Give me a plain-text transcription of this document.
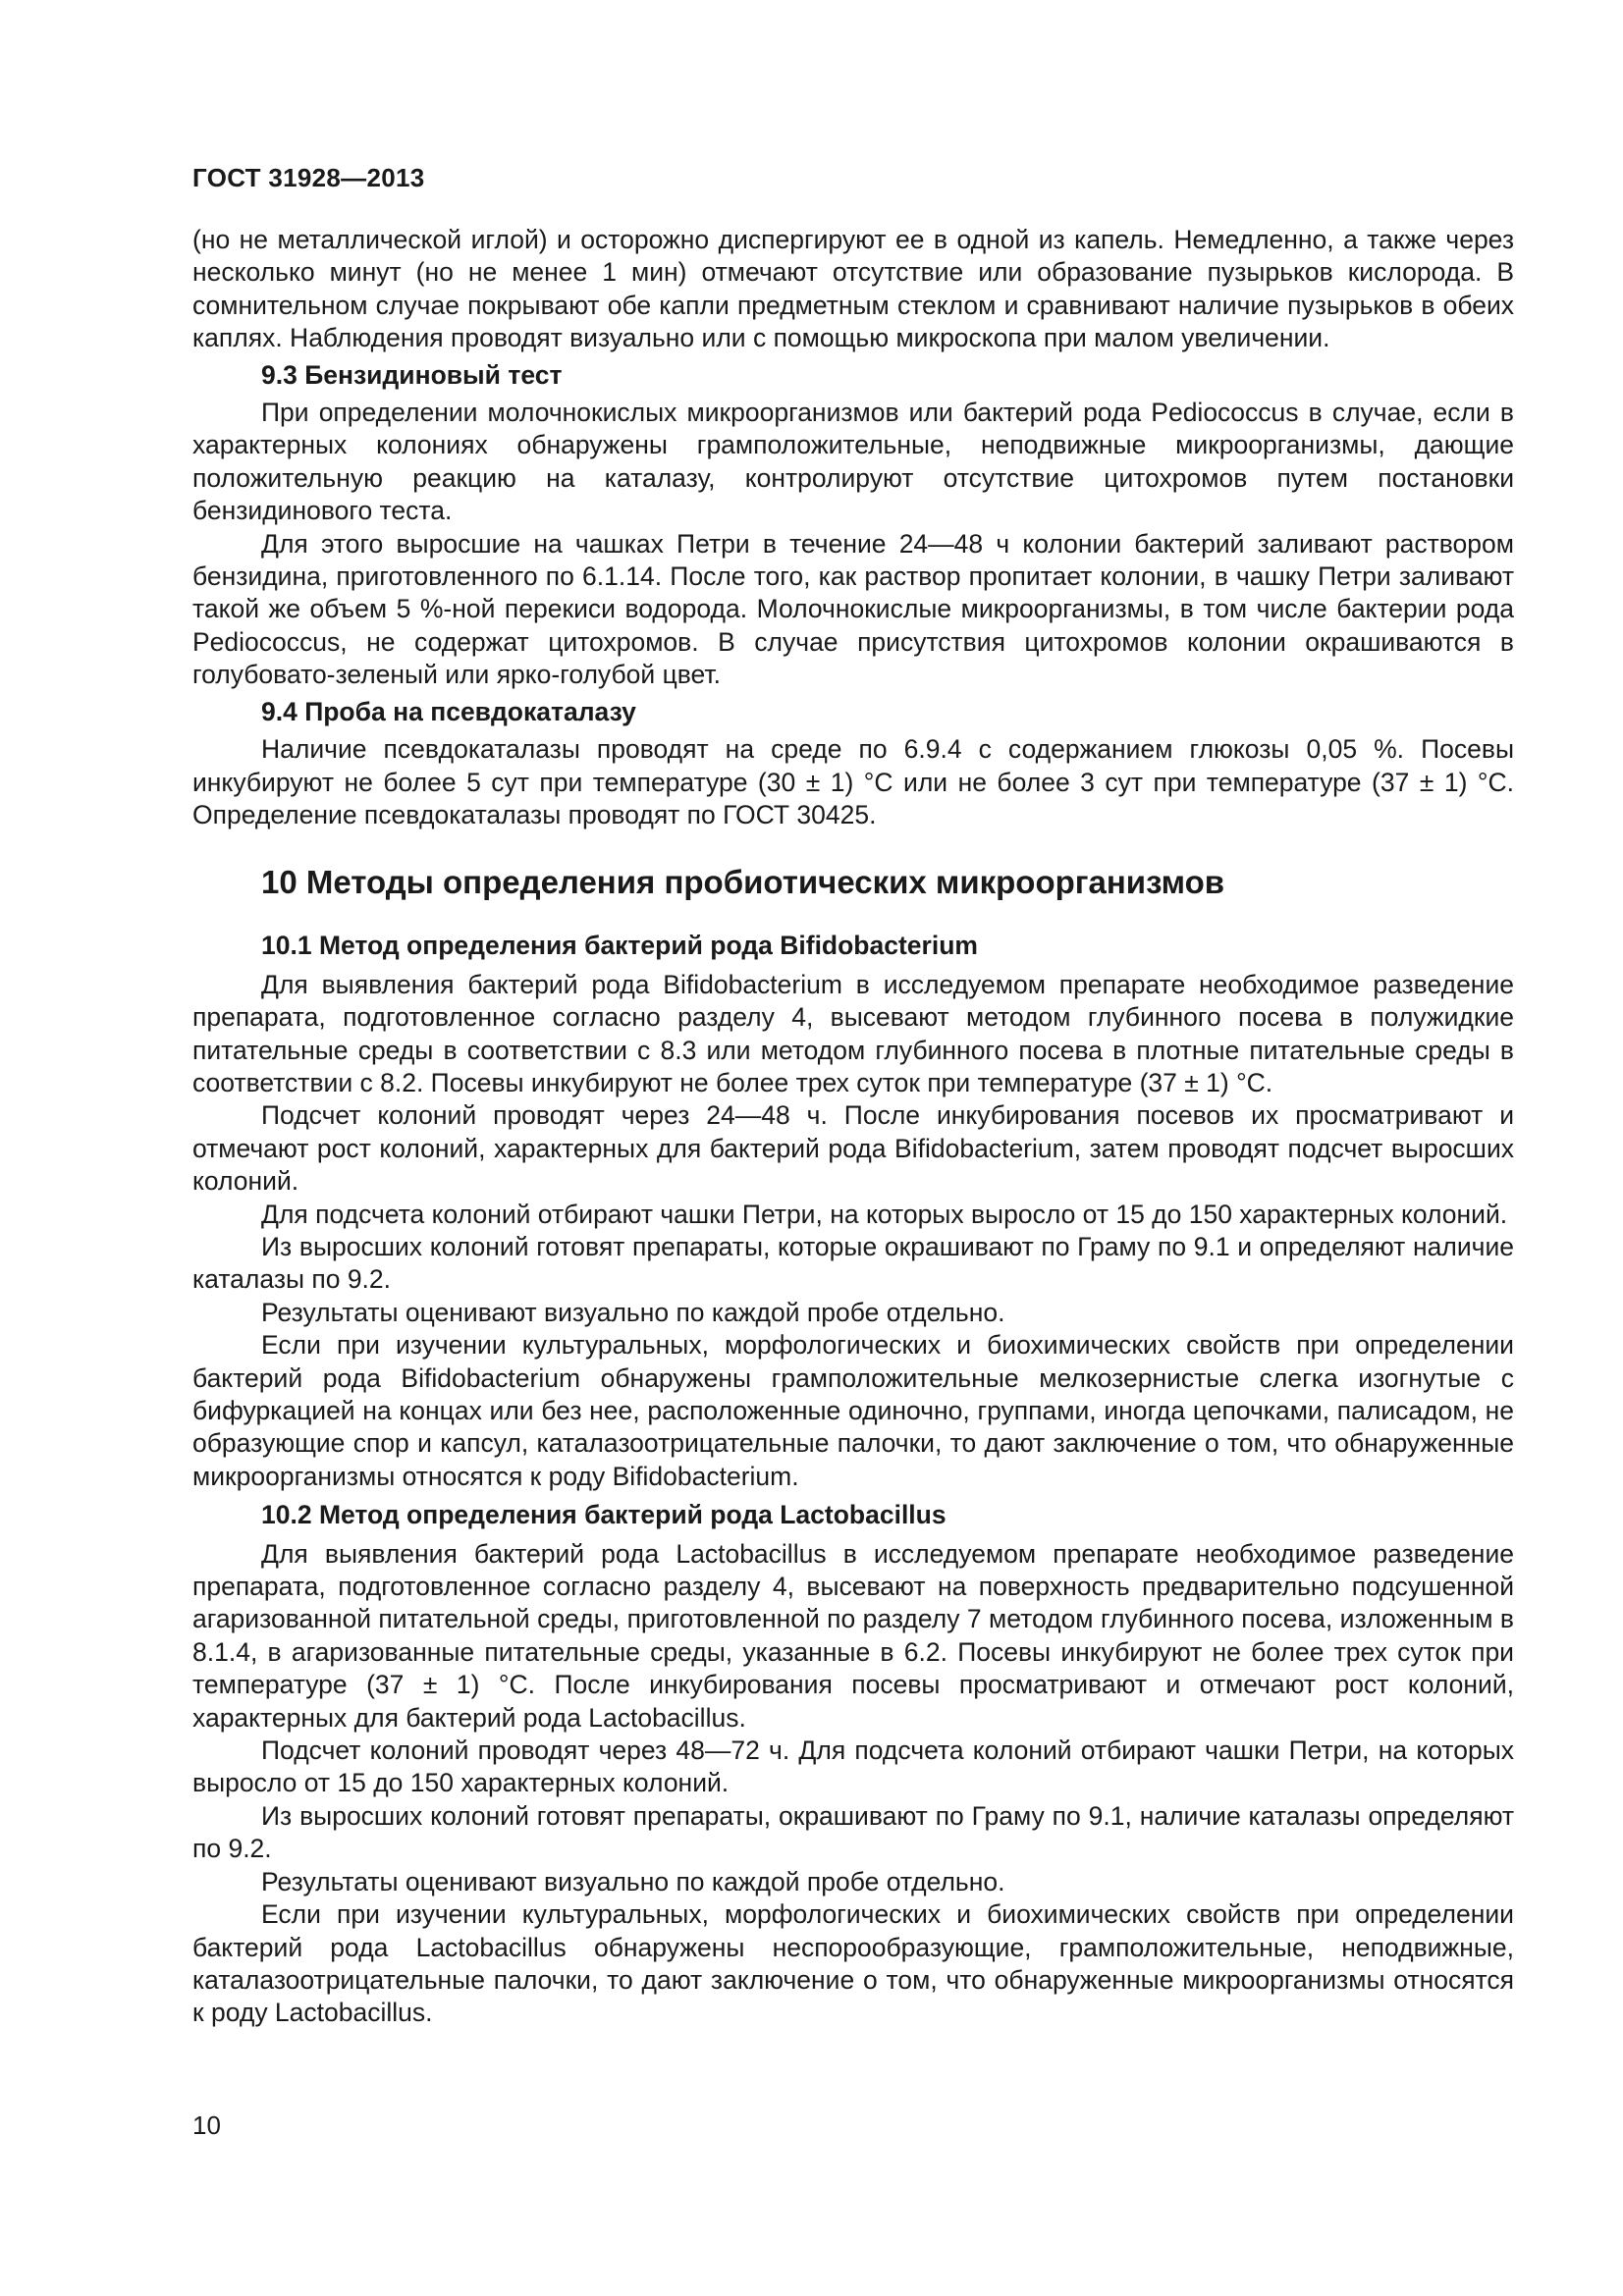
ГОСТ 31928—2013

(но не металлической иглой) и осторожно диспергируют ее в одной из капель. Немедленно, а также через несколько минут (но не менее 1 мин) отмечают отсутствие или образование пузырьков кислорода. В сомнительном случае покрывают обе капли предметным стеклом и сравнивают наличие пузырьков в обеих каплях. Наблюдения проводят визуально или с помощью микроскопа при малом увеличении.

9.3 Бензидиновый тест

При определении молочнокислых микроорганизмов или бактерий рода Pediococcus в случае, если в характерных колониях обнаружены грамположительные, неподвижные микроорганизмы, дающие положительную реакцию на каталазу, контролируют отсутствие цитохромов путем постановки бензидинового теста.

Для этого выросшие на чашках Петри в течение 24—48 ч колонии бактерий заливают раствором бензидина, приготовленного по 6.1.14. После того, как раствор пропитает колонии, в чашку Петри заливают такой же объем 5 %-ной перекиси водорода. Молочнокислые микроорганизмы, в том числе бактерии рода Pediococcus, не содержат цитохромов. В случае присутствия цитохромов колонии окрашиваются в голубовато-зеленый или ярко-голубой цвет.

9.4 Проба на псевдокаталазу

Наличие псевдокаталазы проводят на среде по 6.9.4 с содержанием глюкозы 0,05 %. Посевы инкубируют не более 5 сут при температуре (30 ± 1) °С или не более 3 сут при температуре (37 ± 1) °С. Определение псевдокаталазы проводят по ГОСТ 30425.

10 Методы определения пробиотических микроорганизмов
10.1 Метод определения бактерий рода Bifidobacterium

Для выявления бактерий рода Bifidobacterium в исследуемом препарате необходимое разведение препарата, подготовленное согласно разделу 4, высевают методом глубинного посева в полужидкие питательные среды в соответствии с 8.3 или методом глубинного посева в плотные питательные среды в соответствии с 8.2. Посевы инкубируют не более трех суток при температуре (37 ± 1) °С.

Подсчет колоний проводят через 24—48 ч. После инкубирования посевов их просматривают и отмечают рост колоний, характерных для бактерий рода Bifidobacterium, затем проводят подсчет выросших колоний.

Для подсчета колоний отбирают чашки Петри, на которых выросло от 15 до 150 характерных колоний.

Из выросших колоний готовят препараты, которые окрашивают по Граму по 9.1 и определяют наличие каталазы по 9.2.

Результаты оценивают визуально по каждой пробе отдельно.

Если при изучении культуральных, морфологических и биохимических свойств при определении бактерий рода Bifidobacterium обнаружены грамположительные мелкозернистые слегка изогнутые с бифуркацией на концах или без нее, расположенные одиночно, группами, иногда цепочками, палисадом, не образующие спор и капсул, каталазоотрицательные палочки, то дают заключение о том, что обнаруженные микроорганизмы относятся к роду Bifidobacterium.

10.2 Метод определения бактерий рода Lactobacillus

Для выявления бактерий рода Lactobacillus в исследуемом препарате необходимое разведение препарата, подготовленное согласно разделу 4, высевают на поверхность предварительно подсушенной агаризованной питательной среды, приготовленной по разделу 7 методом глубинного посева, изложенным в 8.1.4, в агаризованные питательные среды, указанные в 6.2. Посевы инкубируют не более трех суток при температуре (37 ± 1) °С. После инкубирования посевы просматривают и отмечают рост колоний, характерных для бактерий рода Lactobacillus.

Подсчет колоний проводят через 48—72 ч. Для подсчета колоний отбирают чашки Петри, на которых выросло от 15 до 150 характерных колоний.

Из выросших колоний готовят препараты, окрашивают по Граму по 9.1, наличие каталазы определяют по 9.2.

Результаты оценивают визуально по каждой пробе отдельно.

Если при изучении культуральных, морфологических и биохимических свойств при определении бактерий рода Lactobacillus обнаружены неспорообразующие, грамположительные, неподвижные, каталазоотрицательные палочки, то дают заключение о том, что обнаруженные микроорганизмы относятся к роду Lactobacillus.

10
